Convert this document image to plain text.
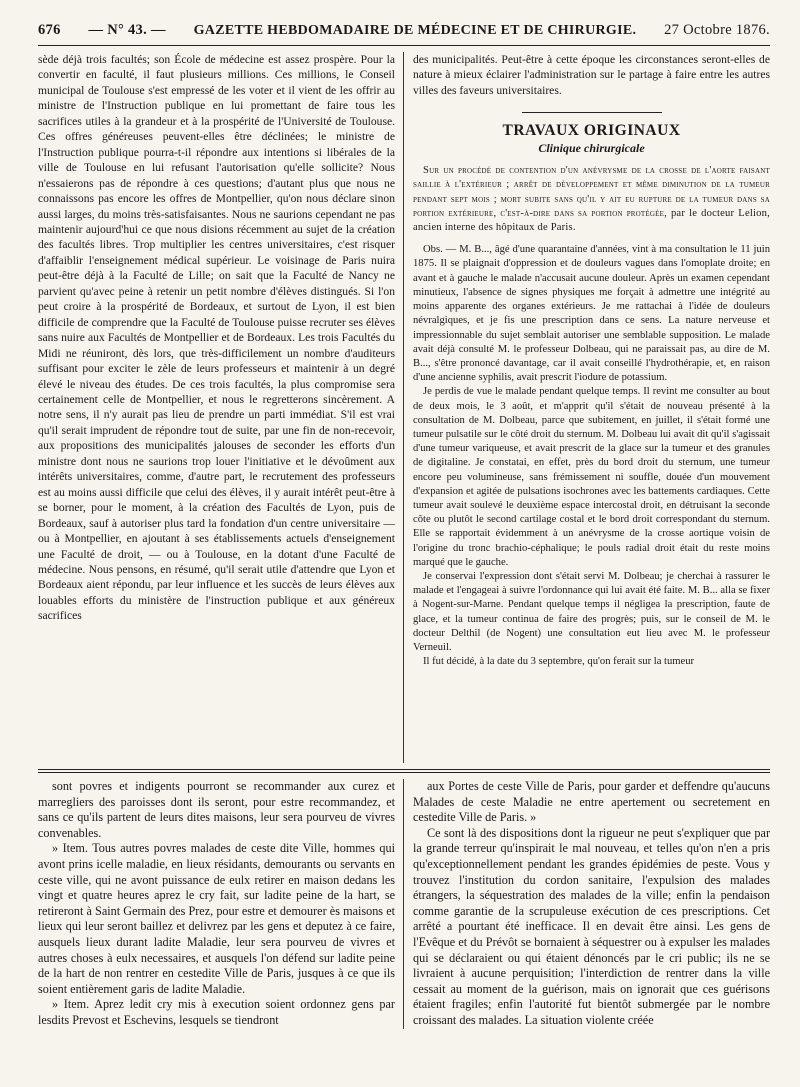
676 — N° 43. — GAZETTE HEBDOMADAIRE DE MÉDECINE ET DE CHIRURGIE. 27 Octobre 1876.

sède déjà trois facultés; son École de médecine est assez prospère. Pour la convertir en faculté, il faut plusieurs millions. Ces millions, le Conseil municipal de Toulouse s'est empressé de les voter et il vient de les offrir au ministre de l'Instruction publique en lui promettant de faire tous les sacrifices utiles à la grandeur et à la prospérité de l'Université de Toulouse. Ces offres généreuses peuvent-elles être déclinées; le ministre de l'Instruction publique pourra-t-il répondre aux intentions si libérales de la ville de Toulouse en lui refusant l'autorisation qu'elle sollicite? Nous n'essaierons pas de répondre à ces questions; d'autant plus que nous ne connaissons pas encore les offres de Montpellier, qu'on nous déclare sinon aussi larges, du moins très-satisfaisantes. Nous ne saurions cependant ne pas maintenir aujourd'hui ce que nous disions récemment au sujet de la création des facultés libres. Trop multiplier les centres universitaires, c'est risquer d'affaiblir l'enseignement médical supérieur. Le voisinage de Paris nuira peut-être déjà à la Faculté de Lille; on sait que la Faculté de Nancy ne parvient qu'avec peine à retenir un petit nombre d'élèves distingués. Si l'on peut croire à la prospérité de Bordeaux, et surtout de Lyon, il est bien difficile de comprendre que la Faculté de Toulouse puisse recruter ses élèves sans nuire aux Facultés de Montpellier et de Bordeaux. Les trois Facultés du Midi ne réuniront, dès lors, que très-difficilement un nombre d'auditeurs suffisant pour exciter le zèle de leurs professeurs et maintenir à un degré élevé le niveau des études. De ces trois facultés, la plus compromise sera certainement celle de Montpellier, et nous le regretterons sincèrement. A notre sens, il n'y aurait pas lieu de prendre un parti immédiat. S'il est vrai qu'il serait imprudent de répondre tout de suite, par une fin de non-recevoir, aux propositions des municipalités jalouses de seconder les efforts d'un ministre dont nous ne saurions trop louer l'initiative et le dévoûment aux intérêts universitaires, comme, d'autre part, le recrutement des professeurs est au moins aussi difficile que celui des élèves, il y aurait intérêt peut-être à se borner, pour le moment, à la création des Facultés de Lyon, puis de Bordeaux, sauf à autoriser plus tard la fondation d'un centre universitaire — ou à Montpellier, en ajoutant à ses établissements actuels d'enseignement une Faculté de droit, — ou à Toulouse, en la dotant d'une Faculté de médecine. Nous pensons, en résumé, qu'il serait utile d'attendre que Lyon et Bordeaux aient répondu, par leur influence et les succès de leurs élèves aux louables efforts du ministère de l'instruction publique et aux généreux sacrifices

des municipalités. Peut-être à cette époque les circonstances seront-elles de nature à mieux éclairer l'administration sur le partage à faire entre les autres villes des faveurs universitaires.

TRAVAUX ORIGINAUX
Clinique chirurgicale
Sur un procédé de contention d'un anévrysme de la crosse de l'aorte faisant saillie à l'extérieur ; arrêt de développement et même diminution de la tumeur pendant sept mois ; mort subite sans qu'il y ait eu rupture de la tumeur dans sa portion extérieure, c'est-à-dire dans sa portion protégée, par le docteur Lelion, ancien interne des hôpitaux de Paris.

Obs. — M. B..., âgé d'une quarantaine d'années, vint à ma consultation le 11 juin 1875. Il se plaignait d'oppression et de douleurs vagues dans l'omoplate droite; en avant et à gauche le malade n'accusait aucune douleur. Après un examen cependant minutieux, l'absence de signes physiques me forçait à admettre une intégrité au moins apparente des organes extérieurs. Je me rattachai à l'idée de douleurs névralgiques, et je fis une prescription dans ce sens. La nature nerveuse et impressionnable du sujet semblait autoriser une semblable supposition. Le malade avait déjà consulté M. le professeur Dolbeau, qui ne paraissait pas, au dire de M. B..., s'être prononcé davantage, car il avait conseillé l'hydrothérapie, et, en raison d'une ancienne syphilis, avait prescrit l'iodure de potassium.

Je perdis de vue le malade pendant quelque temps. Il revint me consulter au bout de deux mois, le 3 août, et m'apprit qu'il s'était de nouveau présenté à la consultation de M. Dolbeau, parce que subitement, en juillet, il s'était formé une tumeur pulsatile sur le côté droit du sternum. M. Dolbeau lui avait dit qu'il s'agissait d'une tumeur variqueuse, et avait prescrit de la glace sur la tumeur et des granules de digitaline. Je constatai, en effet, près du bord droit du sternum, une tumeur encore peu volumineuse, sans frémissement ni souffle, douée d'un mouvement d'expansion et agitée de pulsations isochrones avec les battements cardiaques. Cette tumeur avait soulevé le deuxième espace intercostal droit, en détruisant la seconde côte ou plutôt le second cartilage costal et le bord droit correspondant du sternum. Elle se rapportait évidemment à un anévrysme de la crosse aortique voisin de l'origine du tronc brachio-céphalique; le pouls radial droit était du reste moins marqué que le gauche.

Je conservai l'expression dont s'était servi M. Dolbeau; je cherchai à rassurer le malade et l'engageai à suivre l'ordonnance qui lui avait été faite. M. B... alla se fixer à Nogent-sur-Marne. Pendant quelque temps il négligea la prescription, faute de glace, et la tumeur continua de faire des progrès; puis, sur le conseil de M. le docteur Delthil (de Nogent) une consultation eut lieu avec M. le professeur Verneuil.

Il fut décidé, à la date du 3 septembre, qu'on ferait sur la tumeur

sont povres et indigents pourront se recommander aux curez et marregliers des paroisses dont ils seront, pour estre recommandez, et sans ce qu'ils partent de leurs dites maisons, leur sera pourveu de vivres convenables.

» Item. Tous autres povres malades de ceste dite Ville, hommes qui avont prins icelle maladie, en lieux résidants, demourants ou servants en ceste ville, qui ne avont puissance de eulx retirer en maison dedans les vingt et quatre heures aprez le cry fait, sur ladite peine de la hart, se retireront à Saint Germain des Prez, pour estre et demourer ès maisons et lieux qui leur seront baillez et delivrez par les gens et deputez à ce faire, ausquels lieux durant ladite Maladie, leur sera pourveu de vivres et autres choses à eulx necessaires, et ausquels l'on défend sur ladite peine de la hart de non rentrer en cestedite Ville de Paris, jusques à ce que ils soient entièrement garis de ladite Maladie.

» Item. Aprez ledit cry mis à execution soient ordonnez gens par lesdits Prevost et Eschevins, lesquels se tiendront

aux Portes de ceste Ville de Paris, pour garder et deffendre qu'aucuns Malades de ceste Maladie ne entre apertement ou secretement en cestedite Ville de Paris. »

Ce sont là des dispositions dont la rigueur ne peut s'expliquer que par la grande terreur qu'inspirait le mal nouveau, et telles qu'on n'en a pris qu'exceptionnellement pendant les grandes épidémies de peste. Vous y trouvez l'institution du cordon sanitaire, l'expulsion des malades étrangers, la séquestration des malades de la ville; enfin la pendaison comme garantie de la scrupuleuse exécution de ces prescriptions. Cet arrêté a pourtant été inefficace. Il en devait être ainsi. Les gens de l'Evêque et du Prévôt se bornaient à séquestrer ou à expulser les malades qui se déclaraient ou qui étaient dénoncés par le cri public; ils ne se livraient à aucune perquisition; l'interdiction de rentrer dans la ville cessait au moment de la guérison, mais on ignorait que ces guérisons étaient fragiles; enfin l'autorité fut bientôt submergée par le nombre croissant des malades. La situation violente créée
